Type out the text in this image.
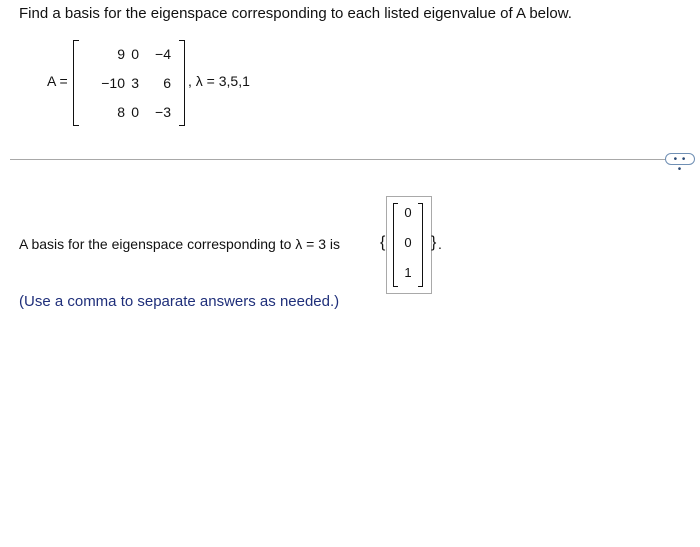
Find a basis for the eigenspace corresponding to each listed eigenvalue of A below.
A =
9 0	−4
−10 3	6
8 0	−3
, λ = 3,5,1
• • •
A basis for the eigenspace corresponding to λ = 3 is {
0
0
1	} .
(Use a comma to separate answers as needed.)
